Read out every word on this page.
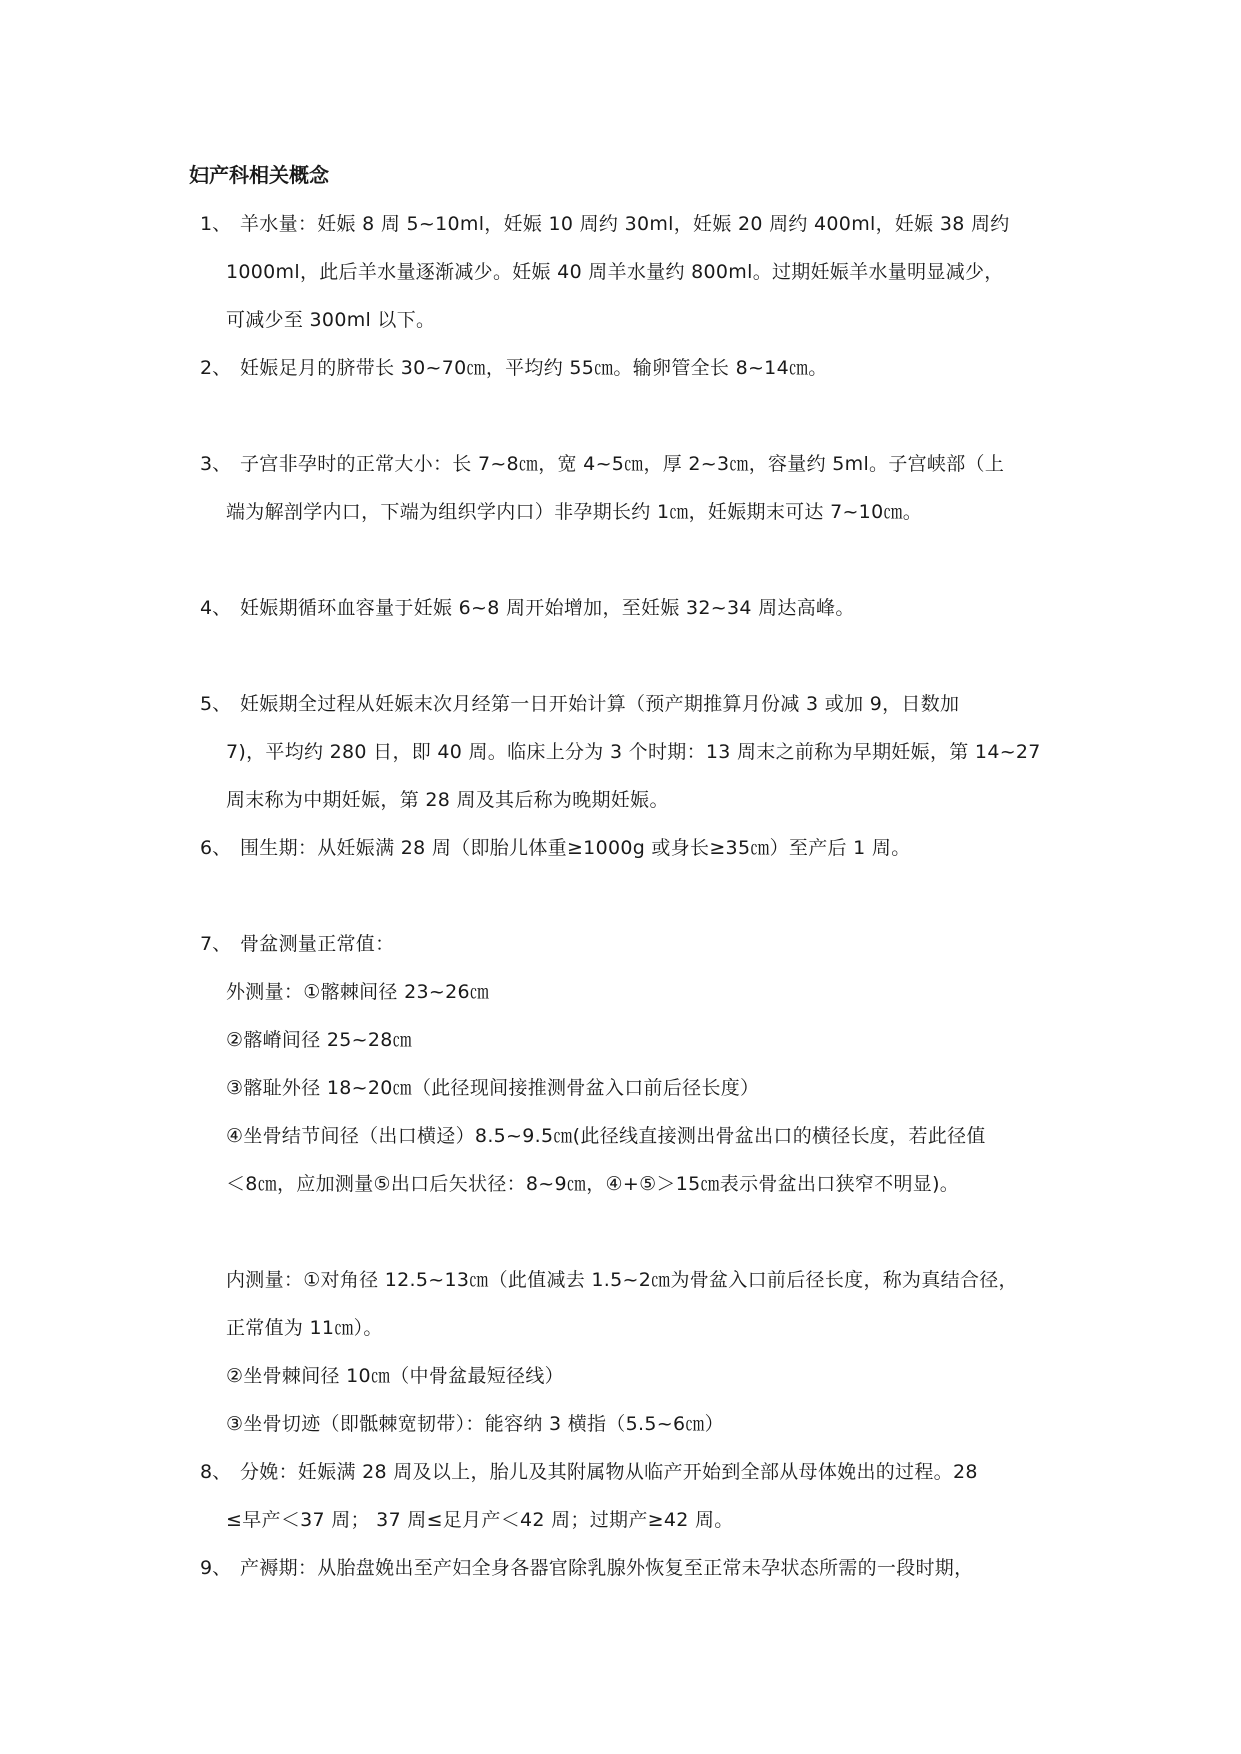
妇产科相关概念
1、 羊水量：妊娠 8 周 5~10ml，妊娠 10 周约 30ml，妊娠 20 周约 400ml，妊娠 38 周约
1000ml，此后羊水量逐渐减少。妊娠 40 周羊水量约 800ml。过期妊娠羊水量明显减少，
可减少至 300ml 以下。
2、 妊娠足月的脐带长 30~70㎝，平均约 55㎝。输卵管全长 8~14㎝。
3、 子宫非孕时的正常大小：长 7~8㎝，宽 4~5㎝，厚 2~3㎝，容量约 5ml。子宫峡部（上
端为解剖学内口，下端为组织学内口）非孕期长约 1㎝，妊娠期末可达 7~10㎝。
4、 妊娠期循环血容量于妊娠 6~8 周开始增加，至妊娠 32~34 周达高峰。
5、 妊娠期全过程从妊娠末次月经第一日开始计算（预产期推算月份减 3 或加 9，日数加
7)，平均约 280 日，即 40 周。临床上分为 3 个时期：13 周末之前称为早期妊娠，第 14~27
周末称为中期妊娠，第 28 周及其后称为晚期妊娠。
6、 围生期：从妊娠满 28 周（即胎儿体重≥1000g 或身长≥35㎝）至产后 1 周。
7、 骨盆测量正常值：
外测量：①髂棘间径 23~26㎝
②髂嵴间径 25~28㎝
③髂耻外径 18~20㎝（此径现间接推测骨盆入口前后径长度）
④坐骨结节间径（出口横迳）8.5~9.5㎝(此径线直接测出骨盆出口的横径长度，若此径值
＜8㎝，应加测量⑤出口后矢状径：8~9㎝，④+⑤＞15㎝表示骨盆出口狭窄不明显)。
内测量：①对角径 12.5~13㎝（此值减去 1.5~2㎝为骨盆入口前后径长度，称为真结合径，
正常值为 11㎝）。
②坐骨棘间径 10㎝（中骨盆最短径线）
③坐骨切迹（即骶棘宽韧带）：能容纳 3 横指（5.5~6㎝）
8、 分娩：妊娠满 28 周及以上，胎儿及其附属物从临产开始到全部从母体娩出的过程。28
≤早产＜37 周； 37 周≤足月产＜42 周；过期产≥42 周。
9、 产褥期：从胎盘娩出至产妇全身各器官除乳腺外恢复至正常未孕状态所需的一段时期，
